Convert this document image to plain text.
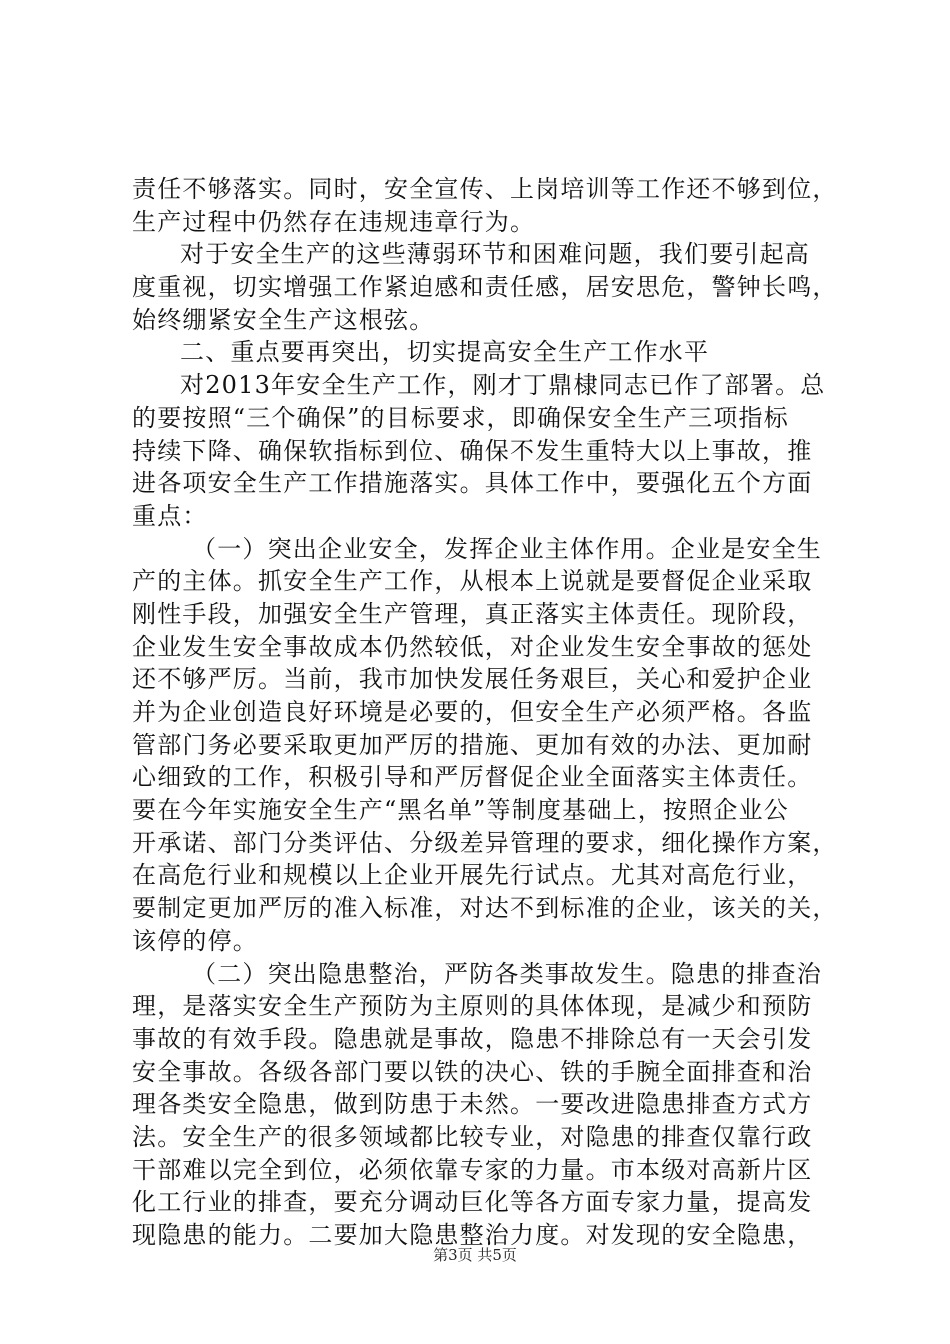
责任不够落实。同时，安全宣传、上岗培训等工作还不够到位，
生产过程中仍然存在违规违章行为。
对于安全生产的这些薄弱环节和困难问题，我们要引起高
度重视，切实增强工作紧迫感和责任感，居安思危，警钟长鸣，
始终绷紧安全生产这根弦。
二、重点要再突出，切实提高安全生产工作水平
对2013年安全生产工作，刚才丁鼎棣同志已作了部署。总
的要按照“三个确保”的目标要求，即确保安全生产三项指标
持续下降、确保软指标到位、确保不发生重特大以上事故，推
进各项安全生产工作措施落实。具体工作中，要强化五个方面
重点：
（一）突出企业安全，发挥企业主体作用。企业是安全生
产的主体。抓安全生产工作，从根本上说就是要督促企业采取
刚性手段，加强安全生产管理，真正落实主体责任。现阶段，
企业发生安全事故成本仍然较低，对企业发生安全事故的惩处
还不够严厉。当前，我市加快发展任务艰巨，关心和爱护企业
并为企业创造良好环境是必要的，但安全生产必须严格。各监
管部门务必要采取更加严厉的措施、更加有效的办法、更加耐
心细致的工作，积极引导和严厉督促企业全面落实主体责任。
要在今年实施安全生产“黑名单”等制度基础上，按照企业公
开承诺、部门分类评估、分级差异管理的要求，细化操作方案，
在高危行业和规模以上企业开展先行试点。尤其对高危行业，
要制定更加严厉的准入标准，对达不到标准的企业，该关的关，
该停的停。
（二）突出隐患整治，严防各类事故发生。隐患的排查治
理，是落实安全生产预防为主原则的具体体现，是减少和预防
事故的有效手段。隐患就是事故，隐患不排除总有一天会引发
安全事故。各级各部门要以铁的决心、铁的手腕全面排查和治
理各类安全隐患，做到防患于未然。一要改进隐患排查方式方
法。安全生产的很多领域都比较专业，对隐患的排查仅靠行政
干部难以完全到位，必须依靠专家的力量。市本级对高新片区
化工行业的排查，要充分调动巨化等各方面专家力量，提高发
现隐患的能力。二要加大隐患整治力度。对发现的安全隐患，
第3页 共5页
